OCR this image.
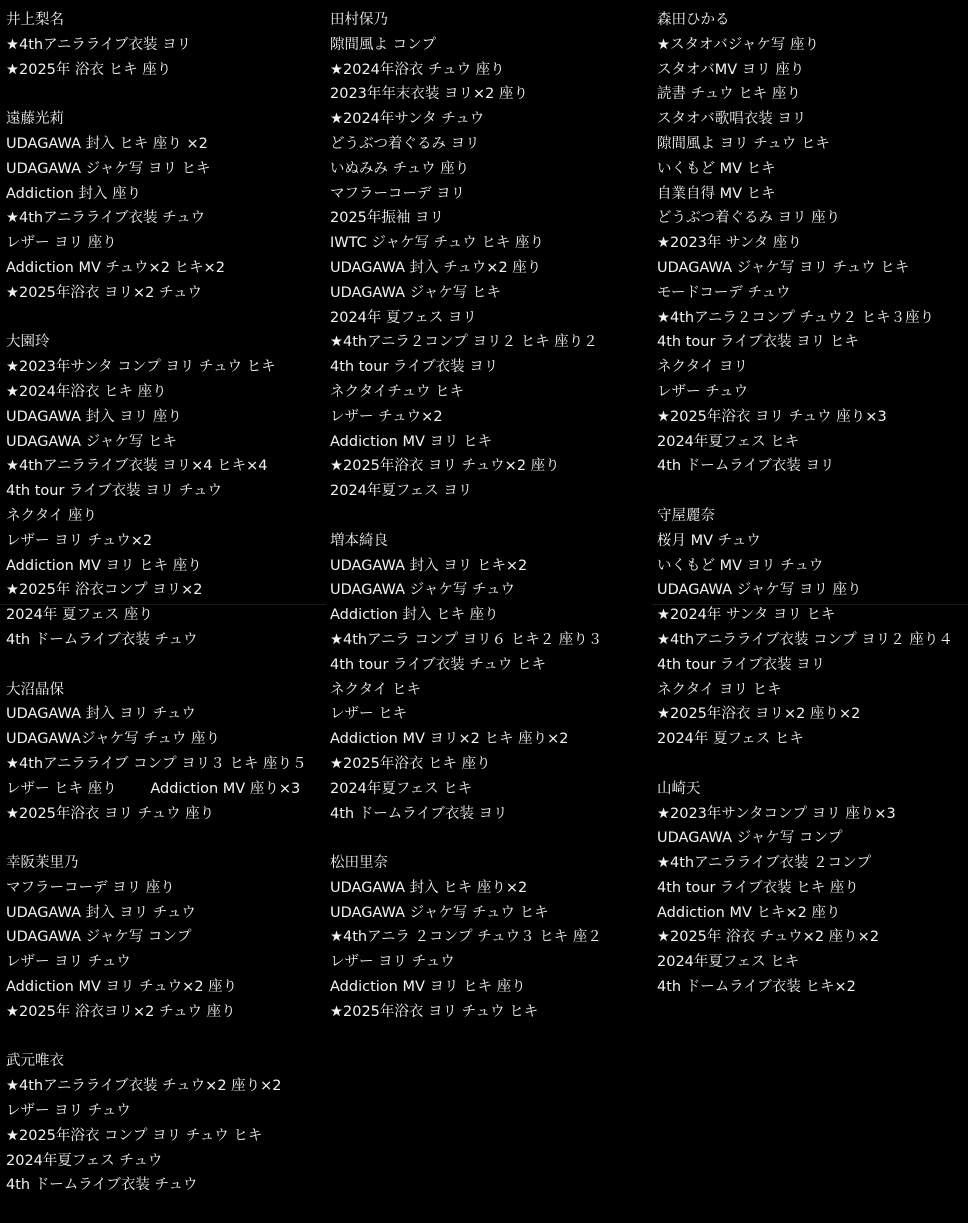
井上梨名
★4thアニラライブ衣装 ヨリ
★2025年 浴衣 ヒキ 座り
遠藤光莉
UDAGAWA 封入 ヒキ 座り ×2
UDAGAWA ジャケ写 ヨリ ヒキ
Addiction 封入 座り
★4thアニラライブ衣装 チュウ
レザー ヨリ 座り
Addiction MV チュウ×2 ヒキ×2
★2025年浴衣 ヨリ×2 チュウ
大園玲
★2023年サンタ コンプ ヨリ チュウ ヒキ
★2024年浴衣 ヒキ 座り
UDAGAWA 封入 ヨリ 座り
UDAGAWA ジャケ写 ヒキ
★4thアニラライブ衣装 ヨリ×4 ヒキ×4
4th tour ライブ衣装 ヨリ チュウ
ネクタイ 座り
レザー ヨリ チュウ×2
Addiction MV ヨリ ヒキ 座り
★2025年 浴衣コンプ ヨリ×2
2024年 夏フェス 座り
4th ドームライブ衣装 チュウ
大沼晶保
UDAGAWA 封入 ヨリ チュウ
UDAGAWAジャケ写 チュウ 座り
★4thアニラライブ コンプ ヨリ３ ヒキ 座り５
レザー ヒキ 座り　　 Addiction MV 座り×3
★2025年浴衣 ヨリ チュウ 座り
幸阪茉里乃
マフラーコーデ ヨリ 座り
UDAGAWA 封入 ヨリ チュウ
UDAGAWA ジャケ写 コンプ
レザー ヨリ チュウ
Addiction MV ヨリ チュウ×2 座り
★2025年 浴衣ヨリ×2 チュウ 座り
武元唯衣
★4thアニラライブ衣装 チュウ×2 座り×2
レザー ヨリ チュウ
★2025年浴衣 コンプ ヨリ チュウ ヒキ
2024年夏フェス チュウ
4th ドームライブ衣装 チュウ
田村保乃
隙間風よ コンプ
★2024年浴衣 チュウ 座り
2023年年末衣装 ヨリ×2 座り
★2024年サンタ チュウ
どうぶつ着ぐるみ ヨリ
いぬみみ チュウ 座り
マフラーコーデ ヨリ
2025年振袖 ヨリ
IWTC ジャケ写 チュウ ヒキ 座り
UDAGAWA 封入 チュウ×2 座り
UDAGAWA ジャケ写 ヒキ
2024年 夏フェス ヨリ
★4thアニラ２コンプ ヨリ２ ヒキ 座り２
4th tour ライブ衣装 ヨリ
ネクタイチュウ ヒキ
レザー チュウ×2
Addiction MV ヨリ ヒキ
★2025年浴衣 ヨリ チュウ×2 座り
2024年夏フェス ヨリ
増本綺良
UDAGAWA 封入 ヨリ ヒキ×2
UDAGAWA ジャケ写 チュウ
Addiction 封入 ヒキ 座り
★4thアニラ コンプ ヨリ６ ヒキ２ 座り３
4th tour ライブ衣装 チュウ ヒキ
ネクタイ ヒキ
レザー ヒキ
Addiction MV ヨリ×2 ヒキ 座り×2
★2025年浴衣 ヒキ 座り
2024年夏フェス ヒキ
4th ドームライブ衣装 ヨリ
松田里奈
UDAGAWA 封入 ヒキ 座り×2
UDAGAWA ジャケ写 チュウ ヒキ
★4thアニラ ２コンプ チュウ３ ヒキ 座２
レザー ヨリ チュウ
Addiction MV ヨリ ヒキ 座り
★2025年浴衣 ヨリ チュウ ヒキ
森田ひかる
★スタオバジャケ写 座り
スタオバMV ヨリ 座り
読書 チュウ ヒキ 座り
スタオバ歌唱衣装 ヨリ
隙間風よ ヨリ チュウ ヒキ
いくもど MV ヒキ
自業自得 MV ヒキ
どうぶつ着ぐるみ ヨリ 座り
★2023年 サンタ 座り
UDAGAWA ジャケ写 ヨリ チュウ ヒキ
モードコーデ チュウ
★4thアニラ２コンプ チュウ２ ヒキ３座り
4th tour ライブ衣装 ヨリ ヒキ
ネクタイ ヨリ
レザー チュウ
★2025年浴衣 ヨリ チュウ 座り×3
2024年夏フェス ヒキ
4th ドームライブ衣装 ヨリ
守屋麗奈
桜月 MV チュウ
いくもど MV ヨリ チュウ
UDAGAWA ジャケ写 ヨリ 座り
★2024年 サンタ ヨリ ヒキ
★4thアニラライブ衣装 コンプ ヨリ２ 座り４
4th tour ライブ衣装 ヨリ
ネクタイ ヨリ ヒキ
★2025年浴衣 ヨリ×2 座り×2
2024年 夏フェス ヒキ
山崎天
★2023年サンタコンプ ヨリ 座り×3
UDAGAWA ジャケ写 コンプ
★4thアニラライブ衣装 ２コンプ
4th tour ライブ衣装 ヒキ 座り
Addiction MV ヒキ×2 座り
★2025年 浴衣 チュウ×2 座り×2
2024年夏フェス ヒキ
4th ドームライブ衣装 ヒキ×2
